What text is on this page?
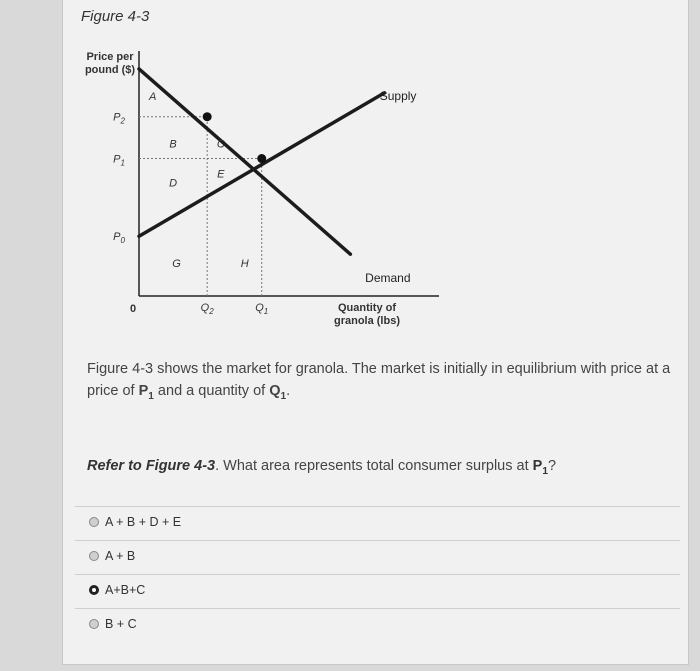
Figure 4-3
Price per
pound ($)
Quantity of
granola (lbs)
0
$P_2$
$P_1$
$P_0$
$Q_2$	$Q_1$
A
B	C
D
E
G	H
Supply
Demand
Figure 4-3 shows the market for granola. The market is initially in equilibrium with price at a price of $P_1$ and a quantity of $Q_1$.
Refer to Figure 4-3. What area represents total consumer surplus at $P_1$?
A + B + D + E
A + B
A+B+C
B + C
